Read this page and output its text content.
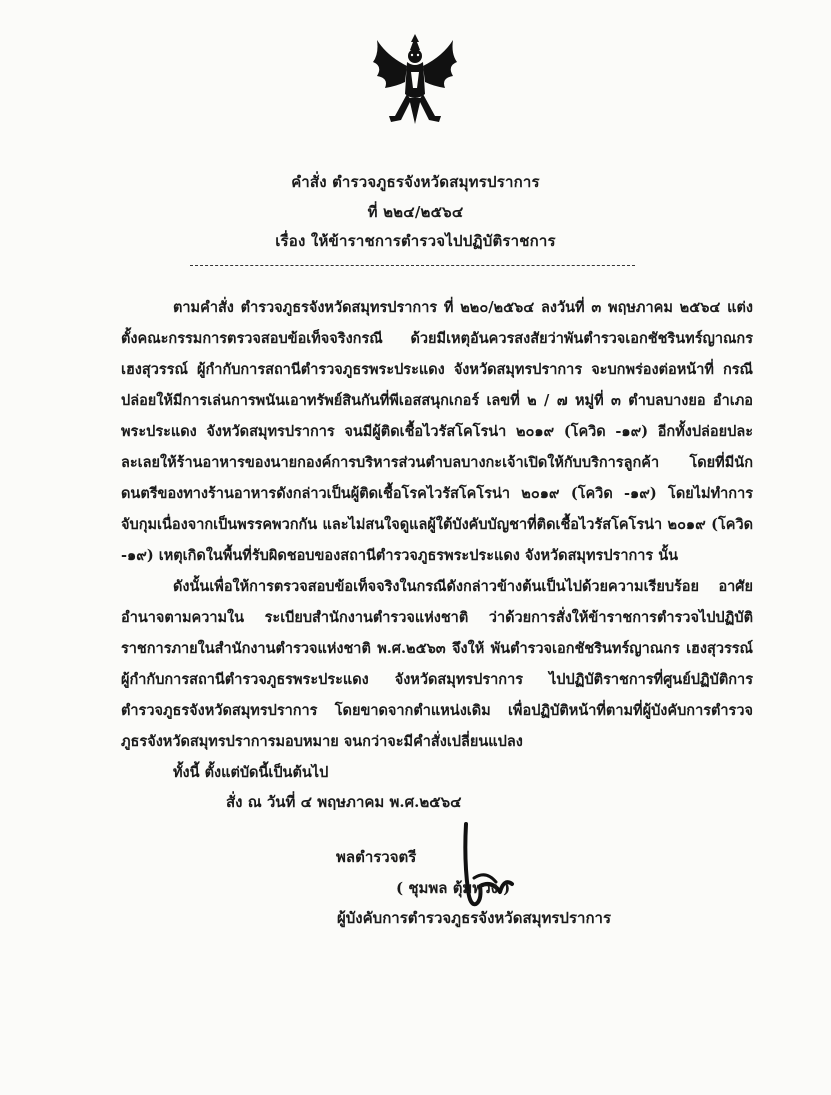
คำสั่ง ตำรวจภูธรจังหวัดสมุทรปราการ
ที่ ๒๒๔/๒๕๖๔
เรื่อง ให้ข้าราชการตำรวจไปปฏิบัติราชการ

ตามคำสั่ง ตำรวจภูธรจังหวัดสมุทรปราการ ที่ ๒๒๐/๒๕๖๔ ลงวันที่ ๓ พฤษภาคม ๒๕๖๔ แต่งตั้งคณะกรรมการตรวจสอบข้อเท็จจริงกรณี ด้วยมีเหตุอันควรสงสัยว่าพันตำรวจเอกชัชรินทร์ญาณกร เฮงสุวรรณ์ ผู้กำกับการสถานีตำรวจภูธรพระประแดง จังหวัดสมุทรปราการ จะบกพร่องต่อหน้าที่ กรณีปล่อยให้มีการเล่นการพนันเอาทรัพย์สินกันที่พีเอสสนุกเกอร์ เลขที่ ๒ / ๗ หมู่ที่ ๓ ตำบลบางยอ อำเภอพระประแดง จังหวัดสมุทรปราการ จนมีผู้ติดเชื้อไวรัสโคโรน่า ๒๐๑๙ (โควิด -๑๙) อีกทั้งปล่อยปละละเลยให้ร้านอาหารของนายกองค์การบริหารส่วนตำบลบางกะเจ้าเปิดให้กับบริการลูกค้า โดยที่มีนักดนตรีของทางร้านอาหารดังกล่าวเป็นผู้ติดเชื้อโรคไวรัสโคโรน่า ๒๐๑๙ (โควิด -๑๙) โดยไม่ทำการจับกุมเนื่องจากเป็นพรรคพวกกัน และไม่สนใจดูแลผู้ใต้บังคับบัญชาที่ติดเชื้อไวรัสโคโรน่า ๒๐๑๙ (โควิด -๑๙) เหตุเกิดในพื้นที่รับผิดชอบของสถานีตำรวจภูธรพระประแดง จังหวัดสมุทรปราการ นั้น

ดังนั้นเพื่อให้การตรวจสอบข้อเท็จจริงในกรณีดังกล่าวข้างต้นเป็นไปด้วยความเรียบร้อย อาศัยอำนาจตามความใน ระเบียบสำนักงานตำรวจแห่งชาติ ว่าด้วยการสั่งให้ข้าราชการตำรวจไปปฏิบัติราชการภายในสำนักงานตำรวจแห่งชาติ พ.ศ.๒๕๖๓ จึงให้ พันตำรวจเอกชัชรินทร์ญาณกร เฮงสุวรรณ์ ผู้กำกับการสถานีตำรวจภูธรพระประแดง จังหวัดสมุทรปราการ ไปปฏิบัติราชการที่ศูนย์ปฏิบัติการตำรวจภูธรจังหวัดสมุทรปราการ โดยขาดจากตำแหน่งเดิม เพื่อปฏิบัติหน้าที่ตามที่ผู้บังคับการตำรวจภูธรจังหวัดสมุทรปราการมอบหมาย จนกว่าจะมีคำสั่งเปลี่ยนแปลง

ทั้งนี้ ตั้งแต่บัดนี้เป็นต้นไป

สั่ง ณ วันที่ ๔ พฤษภาคม พ.ศ.๒๕๖๔
พลตำรวจตรี
( ชุมพล ตุ้มพวง )
ผู้บังคับการตำรวจภูธรจังหวัดสมุทรปราการ
